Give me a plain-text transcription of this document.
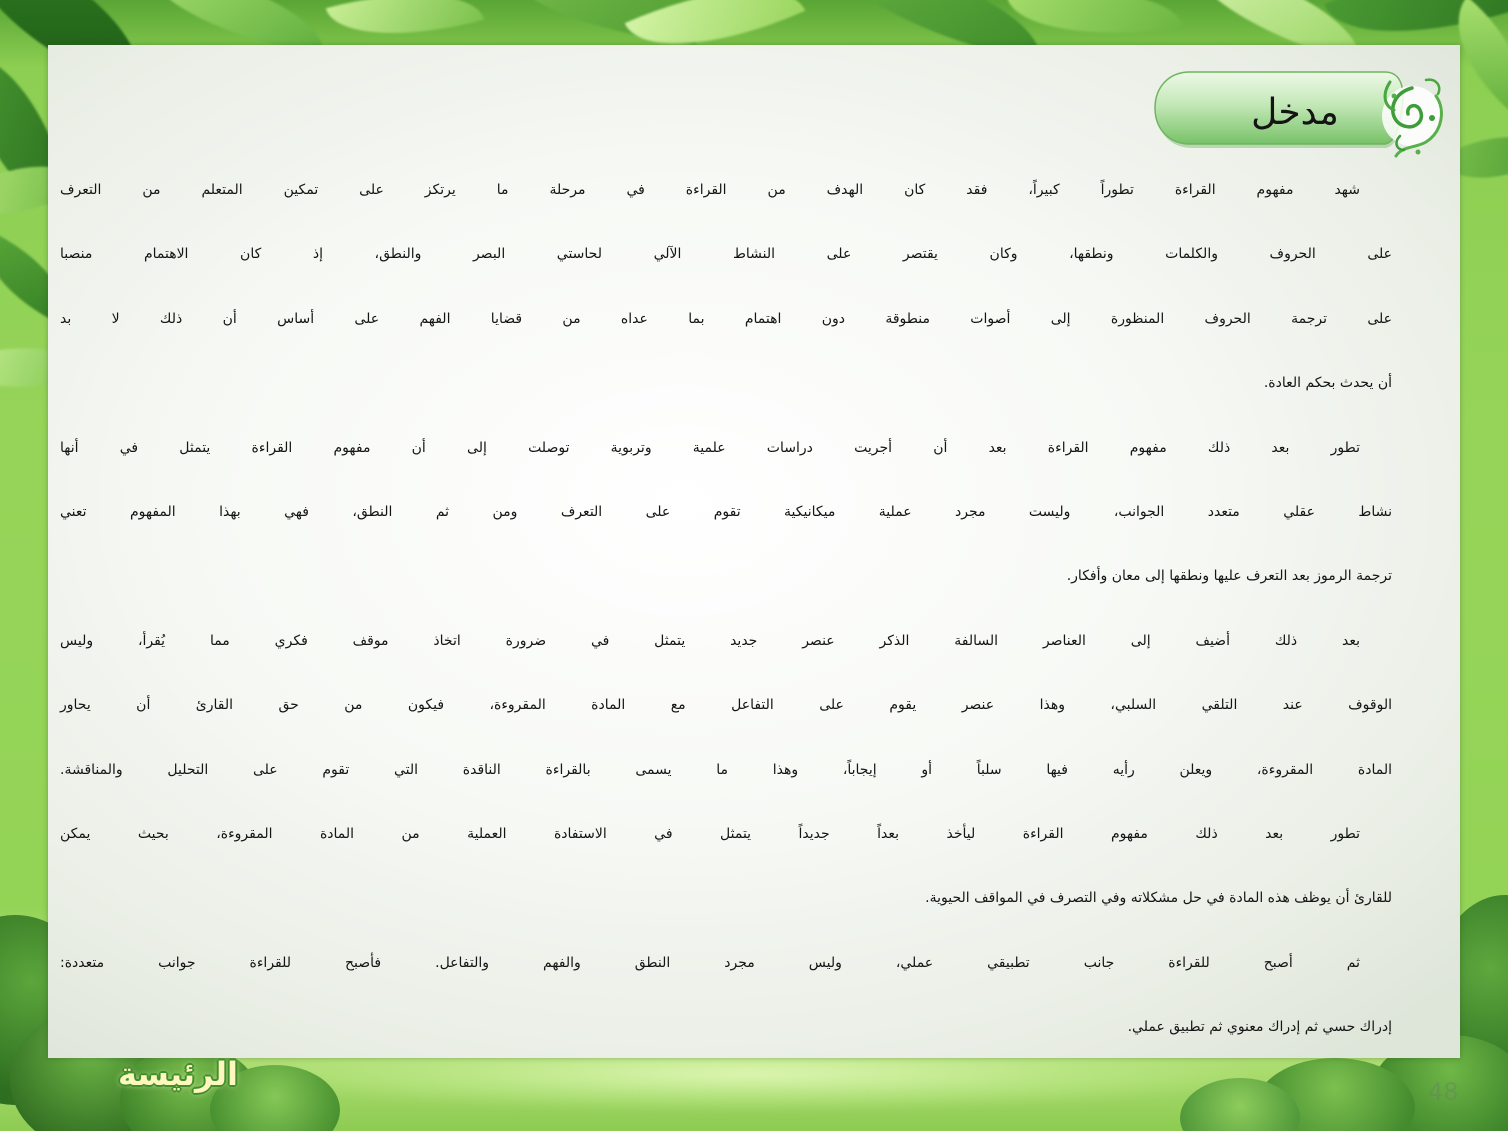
مدخل
شهد مفهوم القراءة تطوراً كبيراً، فقد كان الهدف من القراءة في مرحلة ما يرتكز على تمكين المتعلم من التعرف
على الحروف والكلمات ونطقها، وكان يقتصر على النشاط الآلي لحاستي البصر والنطق، إذ كان الاهتمام منصبا
على ترجمة الحروف المنظورة إلى أصوات منطوقة دون اهتمام بما عداه من قضايا الفهم على أساس أن ذلك لا بد
أن يحدث بحكم العادة.
تطور بعد ذلك مفهوم القراءة بعد أن أجريت دراسات علمية وتربوية توصلت إلى أن مفهوم القراءة يتمثل في أنها
نشاط عقلي متعدد الجوانب، وليست مجرد عملية ميكانيكية تقوم على التعرف ومن ثم النطق، فهي بهذا المفهوم تعني
ترجمة الرموز بعد التعرف عليها ونطقها إلى معان وأفكار.
بعد ذلك أضيف إلى العناصر السالفة الذكر عنصر جديد يتمثل في ضرورة اتخاذ موقف فكري مما يُقرأ، وليس
الوقوف عند التلقي السلبي، وهذا عنصر يقوم على التفاعل مع المادة المقروءة، فيكون من حق القارئ أن يحاور
المادة المقروءة، ويعلن رأيه فيها سلباً أو إيجاباً، وهذا ما يسمى بالقراءة الناقدة التي تقوم على التحليل والمناقشة.
تطور بعد ذلك مفهوم القراءة ليأخذ بعداً جديداً يتمثل في الاستفادة العملية من المادة المقروءة، بحيث يمكن
للقارئ أن يوظف هذه المادة في حل مشكلاته وفي التصرف في المواقف الحيوية.
ثم أصبح للقراءة جانب تطبيقي عملي، وليس مجرد النطق والفهم والتفاعل. فأصبح للقراءة جوانب متعددة:
إدراك حسي ثم إدراك معنوي ثم تطبيق عملي.
الرئيسة	48
